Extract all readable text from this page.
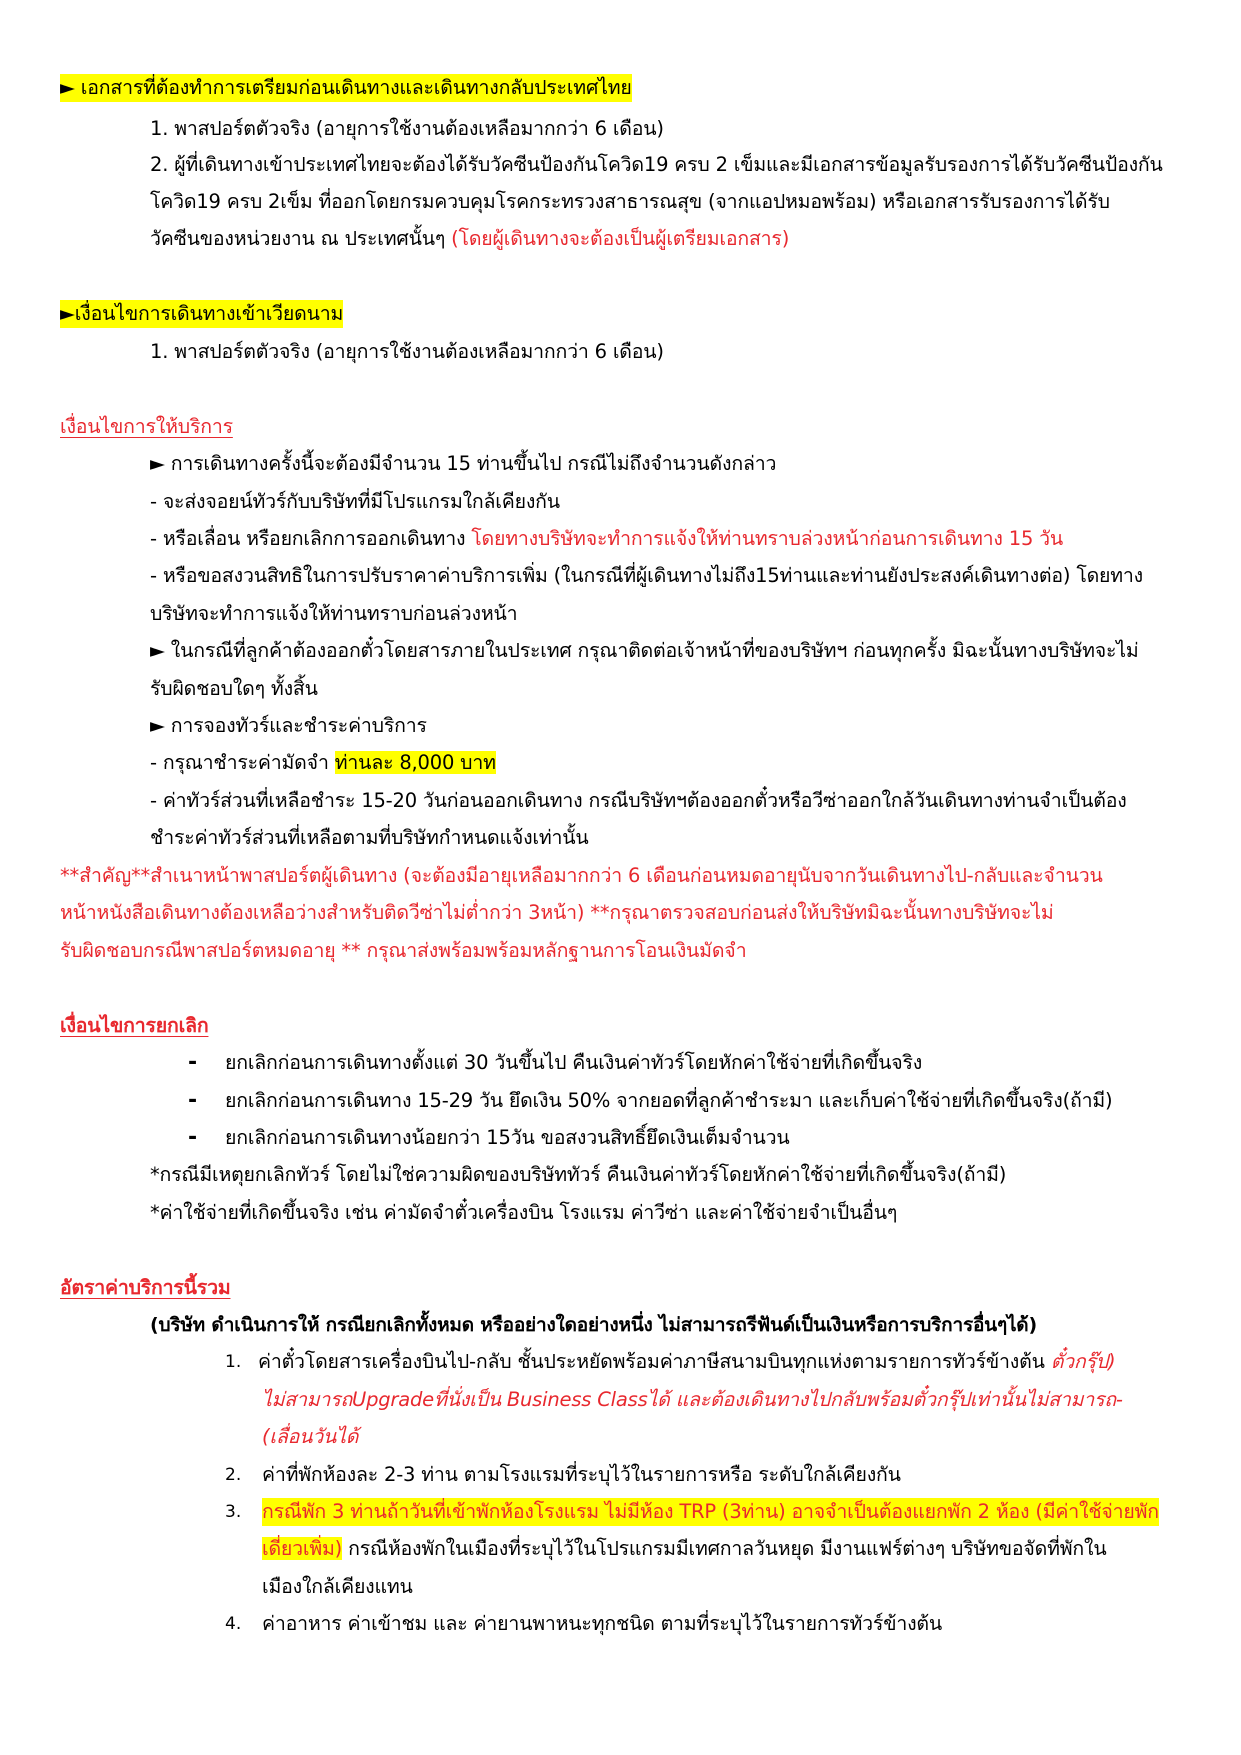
► เอกสารที่ต้องทำการเตรียมก่อนเดินทางและเดินทางกลับประเทศไทย
1. พาสปอร์ตตัวจริง (อายุการใช้งานต้องเหลือมากกว่า 6 เดือน)
2. ผู้ที่เดินทางเข้าประเทศไทยจะต้องได้รับวัคซีนป้องกันโควิด19 ครบ 2 เข็มและมีเอกสารข้อมูลรับรองการได้รับวัคซีนป้องกัน
โควิด19 ครบ 2เข็ม ที่ออกโดยกรมควบคุมโรคกระทรวงสาธารณสุข (จากแอปหมอพร้อม) หรือเอกสารรับรองการได้รับ
วัคซีนของหน่วยงาน ณ ประเทศนั้นๆ (โดยผู้เดินทางจะต้องเป็นผู้เตรียมเอกสาร)
►เงื่อนไขการเดินทางเข้าเวียดนาม
1. พาสปอร์ตตัวจริง (อายุการใช้งานต้องเหลือมากกว่า 6 เดือน)
เงื่อนไขการให้บริการ
► การเดินทางครั้งนี้จะต้องมีจำนวน 15 ท่านขึ้นไป กรณีไม่ถึงจำนวนดังกล่าว
- จะส่งจอยน์ทัวร์กับบริษัทที่มีโปรแกรมใกล้เคียงกัน
- หรือเลื่อน หรือยกเลิกการออกเดินทาง โดยทางบริษัทจะทำการแจ้งให้ท่านทราบล่วงหน้าก่อนการเดินทาง 15 วัน
- หรือขอสงวนสิทธิในการปรับราคาค่าบริการเพิ่ม (ในกรณีที่ผู้เดินทางไม่ถึง15ท่านและท่านยังประสงค์เดินทางต่อ) โดยทาง
บริษัทจะทำการแจ้งให้ท่านทราบก่อนล่วงหน้า
► ในกรณีที่ลูกค้าต้องออกตั๋วโดยสารภายในประเทศ กรุณาติดต่อเจ้าหน้าที่ของบริษัทฯ ก่อนทุกครั้ง มิฉะนั้นทางบริษัทจะไม่
รับผิดชอบใดๆ ทั้งสิ้น
► การจองทัวร์และชำระค่าบริการ
- กรุณาชำระค่ามัดจำ ท่านละ 8,000 บาท
- ค่าทัวร์ส่วนที่เหลือชำระ 15-20 วันก่อนออกเดินทาง กรณีบริษัทฯต้องออกตั๋วหรือวีซ่าออกใกล้วันเดินทางท่านจำเป็นต้อง
ชำระค่าทัวร์ส่วนที่เหลือตามที่บริษัทกำหนดแจ้งเท่านั้น
**สำคัญ**สำเนาหน้าพาสปอร์ตผู้เดินทาง (จะต้องมีอายุเหลือมากกว่า 6 เดือนก่อนหมดอายุนับจากวันเดินทางไป-กลับและจำนวน
หน้าหนังสือเดินทางต้องเหลือว่างสำหรับติดวีซ่าไม่ต่ำกว่า 3หน้า) **กรุณาตรวจสอบก่อนส่งให้บริษัทมิฉะนั้นทางบริษัทจะไม่
รับผิดชอบกรณีพาสปอร์ตหมดอายุ ** กรุณาส่งพร้อมพร้อมหลักฐานการโอนเงินมัดจำ
เงื่อนไขการยกเลิก
- ยกเลิกก่อนการเดินทางตั้งแต่ 30 วันขึ้นไป คืนเงินค่าทัวร์โดยหักค่าใช้จ่ายที่เกิดขึ้นจริง
- ยกเลิกก่อนการเดินทาง 15-29 วัน ยึดเงิน 50% จากยอดที่ลูกค้าชำระมา และเก็บค่าใช้จ่ายที่เกิดขึ้นจริง(ถ้ามี)
- ยกเลิกก่อนการเดินทางน้อยกว่า 15วัน ขอสงวนสิทธิ์ยึดเงินเต็มจำนวน
*กรณีมีเหตุยกเลิกทัวร์ โดยไม่ใช่ความผิดของบริษัททัวร์ คืนเงินค่าทัวร์โดยหักค่าใช้จ่ายที่เกิดขึ้นจริง(ถ้ามี)
*ค่าใช้จ่ายที่เกิดขึ้นจริง เช่น ค่ามัดจำตั๋วเครื่องบิน โรงแรม ค่าวีซ่า และค่าใช้จ่ายจำเป็นอื่นๆ
อัตราค่าบริการนี้รวม
(บริษัท ดำเนินการให้ กรณียกเลิกทั้งหมด หรืออย่างใดอย่างหนึ่ง ไม่สามารถรีฟันด์เป็นเงินหรือการบริการอื่นๆได้)
1. ค่าตั๋วโดยสารเครื่องบินไป-กลับ ชั้นประหยัดพร้อมค่าภาษีสนามบินทุกแห่งตามรายการทัวร์ข้างต้น ตั๋วกรุ๊ป)
ไม่สามารถUpgradeที่นั่งเป็น Business Classได้ และต้องเดินทางไปกลับพร้อมตั๋วกรุ๊ปเท่านั้นไม่สามารถ-
(เลื่อนวันได้
2. ค่าที่พักห้องละ 2-3 ท่าน ตามโรงแรมที่ระบุไว้ในรายการหรือ ระดับใกล้เคียงกัน
3. กรณีพัก 3 ท่านถ้าวันที่เข้าพักห้องโรงแรม ไม่มีห้อง TRP (3ท่าน) อาจจำเป็นต้องแยกพัก 2 ห้อง (มีค่าใช้จ่ายพัก
เดี่ยวเพิ่ม) กรณีห้องพักในเมืองที่ระบุไว้ในโปรแกรมมีเทศกาลวันหยุด มีงานแฟร์ต่างๆ บริษัทขอจัดที่พักใน
เมืองใกล้เคียงแทน
4. ค่าอาหาร ค่าเข้าชม และ ค่ายานพาหนะทุกชนิด ตามที่ระบุไว้ในรายการทัวร์ข้างต้น
